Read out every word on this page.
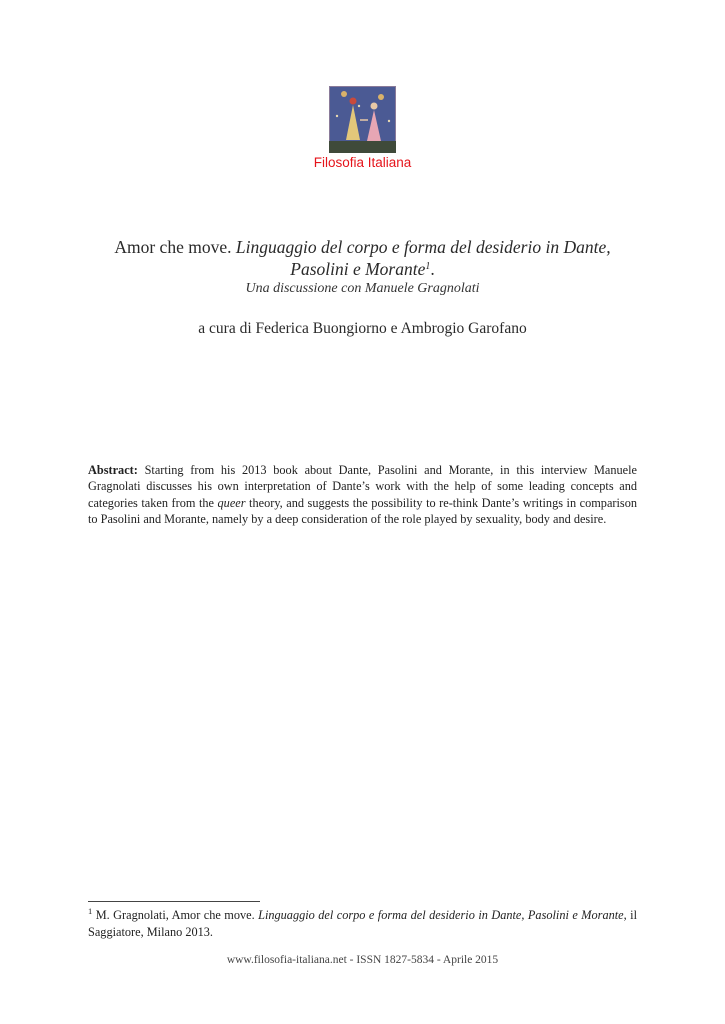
Filosofia Italiana
Amor che move. Linguaggio del corpo e forma del desiderio in Dante, Pasolini e Morante$^1$.
Una discussione con Manuele Gragnolati
a cura di Federica Buongiorno e Ambrogio Garofano
Abstract: Starting from his 2013 book about Dante, Pasolini and Morante, in this interview Manuele Gragnolati discusses his own interpretation of Dante’s work with the help of some leading concepts and categories taken from the queer theory, and suggests the possibility to re-think Dante’s writings in comparison to Pasolini and Morante, namely by a deep consideration of the role played by sexuality, body and desire.
$^1$ M. Gragnolati, Amor che move. Linguaggio del corpo e forma del desiderio in Dante, Pasolini e Morante, il Saggiatore, Milano 2013.
www.filosofia-italiana.net - ISSN 1827-5834 - Aprile 2015
